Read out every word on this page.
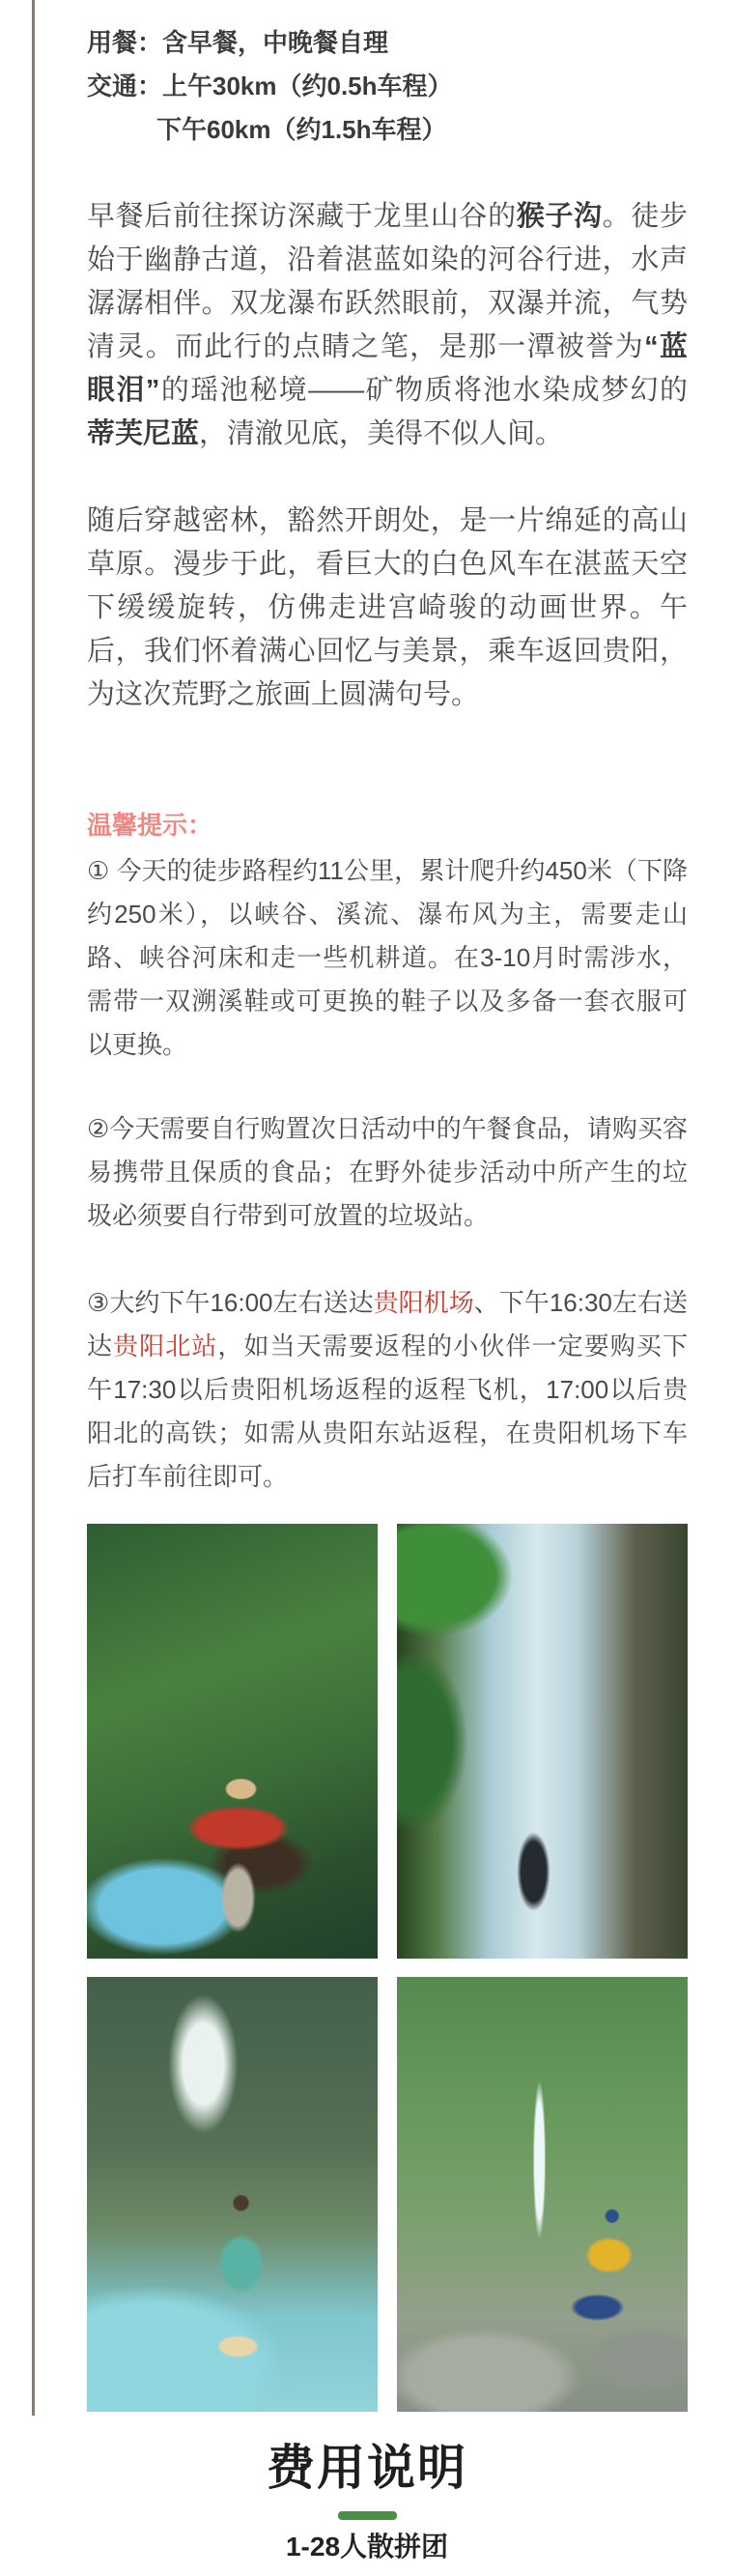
用餐：含早餐，中晚餐自理
交通：上午30km（约0.5h车程）
下午60km（约1.5h车程）

早餐后前往探访深藏于龙里山谷的猴子沟。徒步始于幽静古道，沿着湛蓝如染的河谷行进，水声潺潺相伴。双龙瀑布跃然眼前，双瀑并流，气势清灵。而此行的点睛之笔，是那一潭被誉为“蓝眼泪”的瑶池秘境——矿物质将池水染成梦幻的蒂芙尼蓝，清澈见底，美得不似人间。

随后穿越密林，豁然开朗处，是一片绵延的高山草原。漫步于此，看巨大的白色风车在湛蓝天空下缓缓旋转，仿佛走进宫崎骏的动画世界。午后，我们怀着满心回忆与美景，乘车返回贵阳，为这次荒野之旅画上圆满句号。

温馨提示：

① 今天的徒步路程约11公里，累计爬升约450米（下降约250米），以峡谷、溪流、瀑布风为主，需要走山路、峡谷河床和走一些机耕道。在3-10月时需涉水，需带一双溯溪鞋或可更换的鞋子以及多备一套衣服可以更换。

②今天需要自行购置次日活动中的午餐食品，请购买容易携带且保质的食品；在野外徒步活动中所产生的垃圾必须要自行带到可放置的垃圾站。

③大约下午16:00左右送达贵阳机场、下午16:30左右送达贵阳北站，如当天需要返程的小伙伴一定要购买下午17:30以后贵阳机场返程的返程飞机，17:00以后贵阳北的高铁；如需从贵阳东站返程，在贵阳机场下车后打车前往即可。

费用说明
1-28人散拼团
